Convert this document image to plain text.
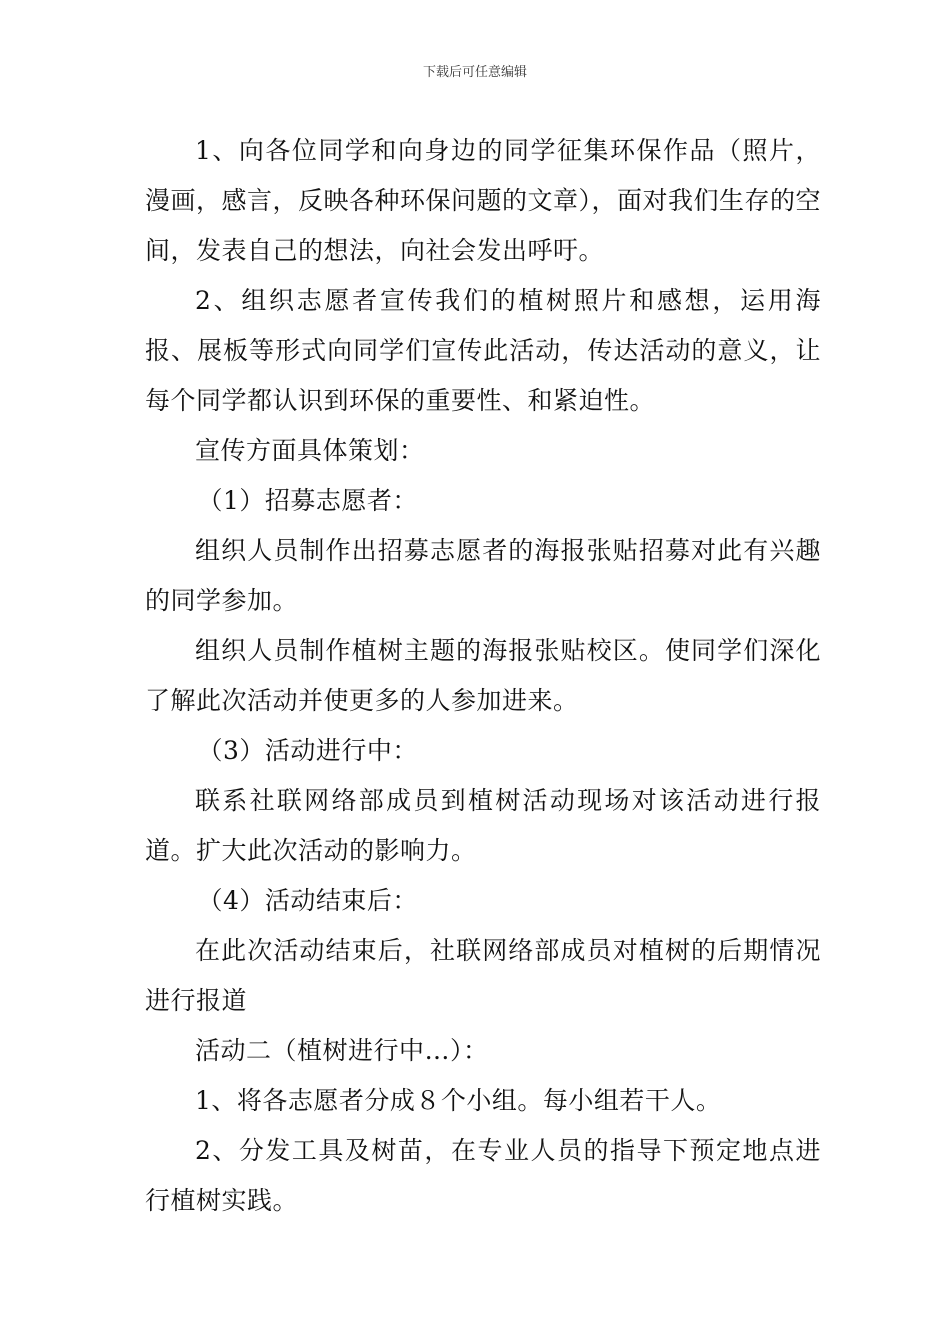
下载后可任意编辑

1、向各位同学和向身边的同学征集环保作品（照片，漫画，感言，反映各种环保问题的文章），面对我们生存的空间，发表自己的想法，向社会发出呼吁。

2、组织志愿者宣传我们的植树照片和感想，运用海报、展板等形式向同学们宣传此活动，传达活动的意义，让每个同学都认识到环保的重要性、和紧迫性。

宣传方面具体策划：

（1）招募志愿者：

组织人员制作出招募志愿者的海报张贴招募对此有兴趣的同学参加。

组织人员制作植树主题的海报张贴校区。使同学们深化了解此次活动并使更多的人参加进来。

（3）活动进行中：

联系社联网络部成员到植树活动现场对该活动进行报道。扩大此次活动的影响力。

（4）活动结束后：

在此次活动结束后，社联网络部成员对植树的后期情况进行报道

活动二（植树进行中…）：

1、将各志愿者分成８个小组。每小组若干人。

2、分发工具及树苗，在专业人员的指导下预定地点进行植树实践。
